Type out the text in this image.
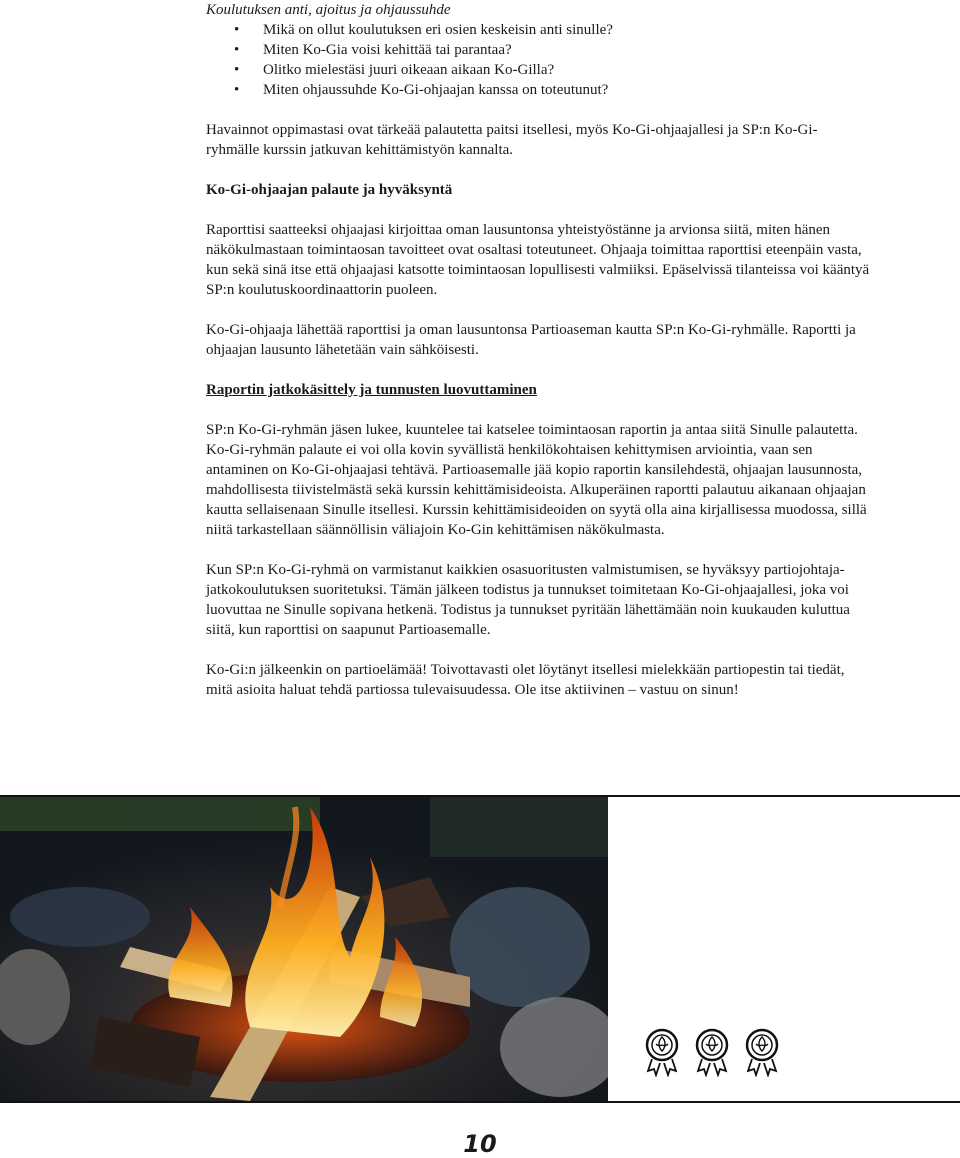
Koulutuksen anti, ajoitus ja ohjaussuhde

• Mikä on ollut koulutuksen eri osien keskeisin anti sinulle?
• Miten Ko-Gia voisi kehittää tai parantaa?
• Olitko mielestäsi juuri oikeaan aikaan Ko-Gilla?
• Miten ohjaussuhde Ko-Gi-ohjaajan kanssa on toteutunut?

Havainnot oppimastasi ovat tärkeää palautetta paitsi itsellesi, myös Ko-Gi-ohjaajallesi ja SP:n Ko-Gi-ryhmälle kurssin jatkuvan kehittämistyön kannalta.

Ko-Gi-ohjaajan palaute ja hyväksyntä

Raporttisi saatteeksi ohjaajasi kirjoittaa oman lausuntonsa yhteistyöstänne ja arvionsa siitä, miten hänen näkökulmastaan toimintaosan tavoitteet ovat osaltasi toteutuneet. Ohjaaja toimittaa raporttisi eteenpäin vasta, kun sekä sinä itse että ohjaajasi katsotte toimintaosan lopullisesti valmiiksi. Epäselvissä tilanteissa voi kääntyä SP:n koulutuskoordinaattorin puoleen.

Ko-Gi-ohjaaja lähettää raporttisi ja oman lausuntonsa Partioaseman kautta SP:n Ko-Gi-ryhmälle. Raportti ja ohjaajan lausunto lähetetään vain sähköisesti.

Raportin jatkokäsittely ja tunnusten luovuttaminen

SP:n Ko-Gi-ryhmän jäsen lukee, kuuntelee tai katselee toimintaosan raportin ja antaa siitä Sinulle palautetta. Ko-Gi-ryhmän palaute ei voi olla kovin syvällistä henkilökohtaisen kehittymisen arviointia, vaan sen antaminen on Ko-Gi-ohjaajasi tehtävä. Partioasemalle jää kopio raportin kansilehdestä, ohjaajan lausunnosta, mahdollisesta tiivistelmästä sekä kurssin kehittämisideoista. Alkuperäinen raportti palautuu aikanaan ohjaajan kautta sellaisenaan Sinulle itsellesi. Kurssin kehittämisideoiden on syytä olla aina kirjallisessa muodossa, sillä niitä tarkastellaan säännöllisin väliajoin Ko-Gin kehittämisen näkökulmasta.

Kun SP:n Ko-Gi-ryhmä on varmistanut kaikkien osasuoritusten valmistumisen, se hyväksyy partiojohtaja-jatkokoulutuksen suoritetuksi. Tämän jälkeen todistus ja tunnukset toimitetaan Ko-Gi-ohjaajallesi, joka voi luovuttaa ne Sinulle sopivana hetkenä. Todistus ja tunnukset pyritään lähettämään noin kuukauden kuluttua siitä, kun raporttisi on saapunut Partioasemalle.

Ko-Gi:n jälkeenkin on partioelämää! Toivottavasti olet löytänyt itsellesi mielekkään partiopestin tai tiedät, mitä asioita haluat tehdä partiossa tulevaisuudessa. Ole itse aktiivinen – vastuu on sinun!

10
